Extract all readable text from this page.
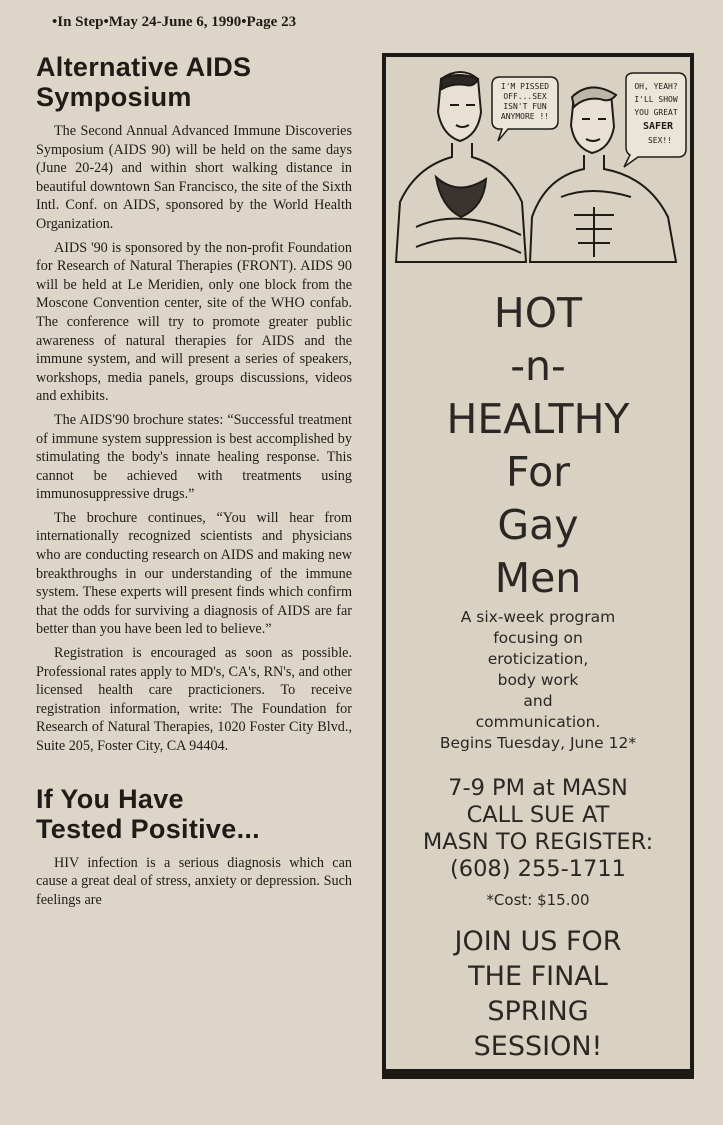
•In Step•May 24-June 6, 1990•Page 23
Alternative AIDS
Symposium

The Second Annual Advanced Immune Discoveries Symposium (AIDS 90) will be held on the same days (June 20-24) and within short walking distance in beautiful downtown San Francisco, the site of the Sixth Intl. Conf. on AIDS, sponsored by the World Health Organization.

AIDS '90 is sponsored by the non-profit Foundation for Research of Natural Therapies (FRONT). AIDS 90 will be held at Le Meridien, only one block from the Moscone Convention center, site of the WHO confab. The conference will try to promote greater public awareness of natural therapies for AIDS and the immune system, and will present a series of speakers, workshops, media panels, groups discussions, videos and exhibits.

The AIDS'90 brochure states: “Successful treatment of immune system suppression is best accomplished by stimulating the body's innate healing response. This cannot be achieved with treatments using immunosuppressive drugs.”

The brochure continues, “You will hear from internationally recognized scientists and physicians who are conducting research on AIDS and making new breakthroughs in our understanding of the immune system. These experts will present finds which confirm that the odds for surviving a diagnosis of AIDS are far better than you have been led to believe.”

Registration is encouraged as soon as possible. Professional rates apply to MD's, CA's, RN's, and other licensed health care practicioners. To receive registration information, write: The Foundation for Research of Natural Therapies, 1020 Foster City Blvd., Suite 205, Foster City, CA 94404.

If You Have
Tested Positive...

HIV infection is a serious diagnosis which can cause a great deal of stress, anxiety or depression. Such feelings are

I'M PISSED
OFF...SEX
ISN'T FUN
ANYMORE !!
OH, YEAH?
I'LL SHOW
YOU GREAT
SAFER
SEX!!
HOT
-n-
HEALTHY
For
Gay
Men
A six-week program
focusing on
eroticization,
body work
and
communication.
Begins Tuesday, June 12*
7-9 PM at MASN
CALL SUE AT
MASN TO REGISTER:
(608) 255-1711
*Cost: $15.00
JOIN US FOR
THE FINAL
SPRING
SESSION!
